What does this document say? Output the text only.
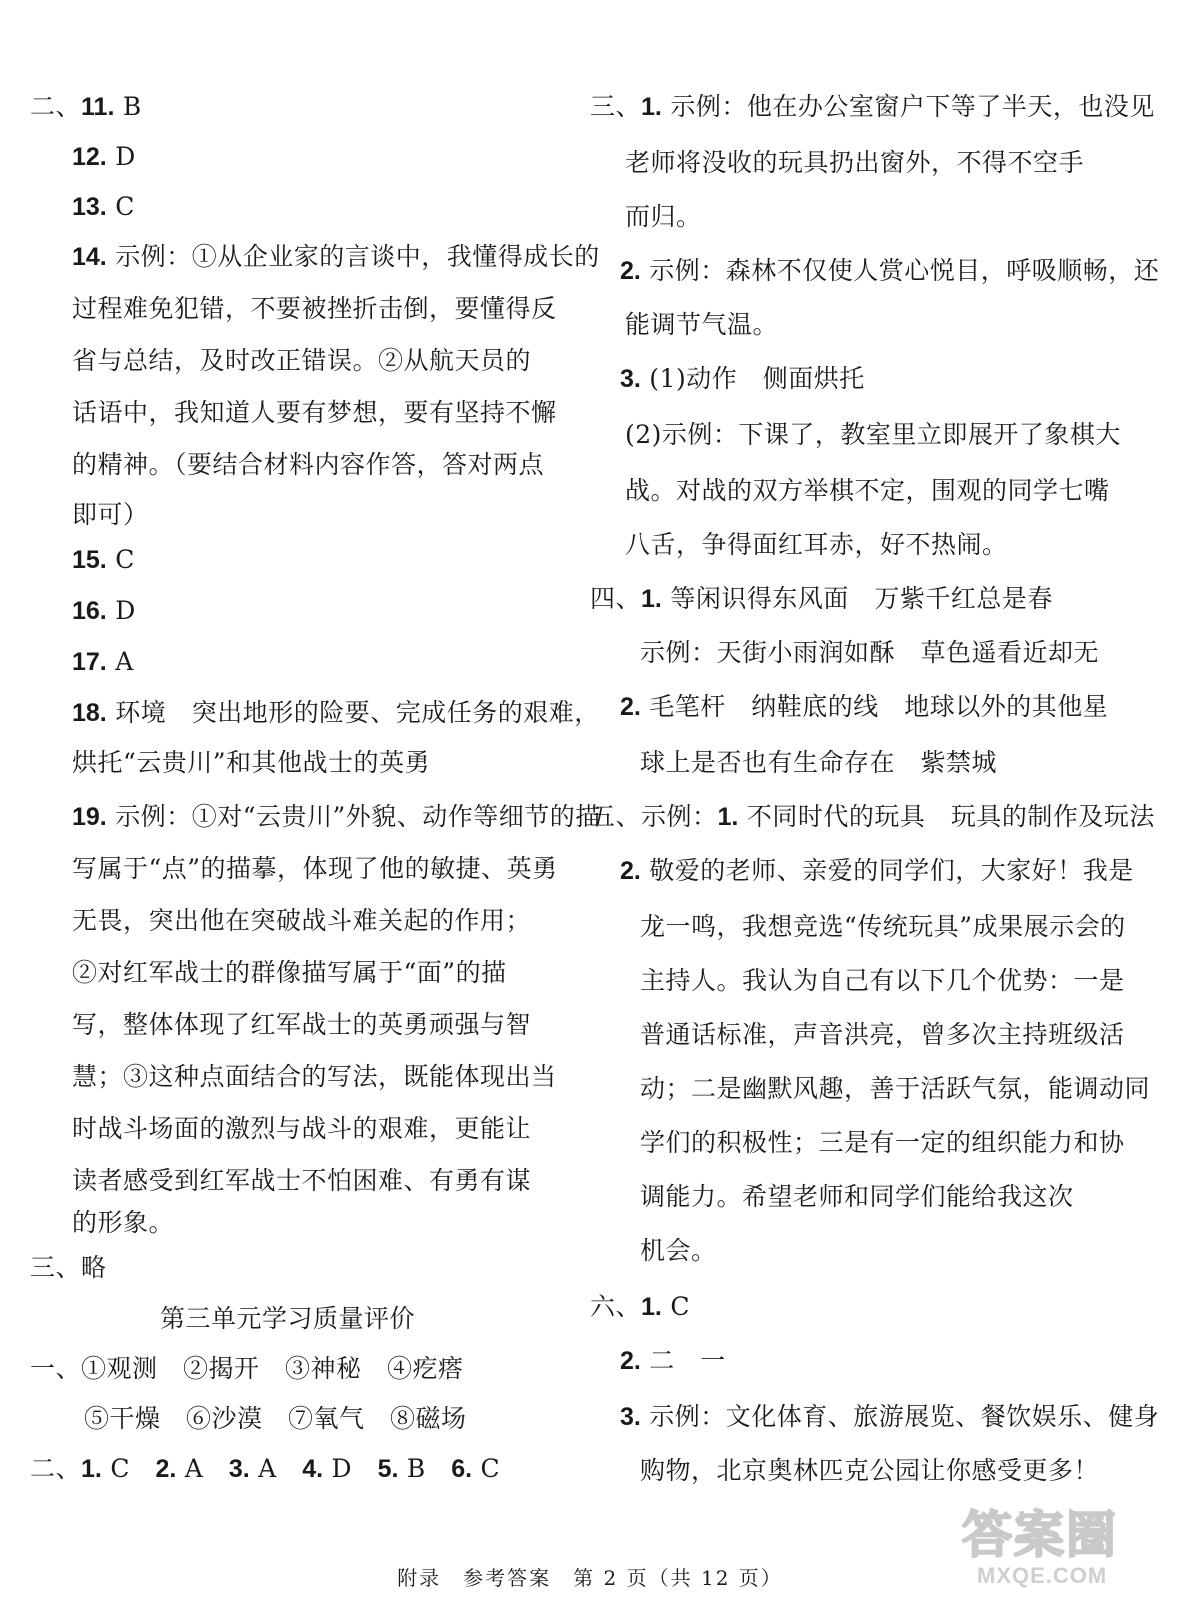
二、11. B
12. D
13. C
14. 示例：①从企业家的言谈中，我懂得成长的
过程难免犯错，不要被挫折击倒，要懂得反
省与总结，及时改正错误。②从航天员的
话语中，我知道人要有梦想，要有坚持不懈
的精神。（要结合材料内容作答，答对两点
即可）
15. C
16. D
17. A
18. 环境　突出地形的险要、完成任务的艰难，
烘托“云贵川”和其他战士的英勇
19. 示例：①对“云贵川”外貌、动作等细节的描
写属于“点”的描摹，体现了他的敏捷、英勇
无畏，突出他在突破战斗难关起的作用；
②对红军战士的群像描写属于“面”的描
写，整体体现了红军战士的英勇顽强与智
慧；③这种点面结合的写法，既能体现出当
时战斗场面的激烈与战斗的艰难，更能让
读者感受到红军战士不怕困难、有勇有谋
的形象。
三、略
第三单元学习质量评价
一、①观测　②揭开　③神秘　④疙瘩
⑤干燥　⑥沙漠　⑦氧气　⑧磁场
二、1. C　2. A　3. A　4. D　5. B　6. C
三、1. 示例：他在办公室窗户下等了半天，也没见
老师将没收的玩具扔出窗外，不得不空手
而归。
2. 示例：森林不仅使人赏心悦目，呼吸顺畅，还
能调节气温。
3. (1)动作　侧面烘托
(2)示例：下课了，教室里立即展开了象棋大
战。对战的双方举棋不定，围观的同学七嘴
八舌，争得面红耳赤，好不热闹。
四、1. 等闲识得东风面　万紫千红总是春
示例：天街小雨润如酥　草色遥看近却无
2. 毛笔杆　纳鞋底的线　地球以外的其他星
球上是否也有生命存在　紫禁城
五、示例：1. 不同时代的玩具　玩具的制作及玩法
2. 敬爱的老师、亲爱的同学们，大家好！我是
龙一鸣，我想竞选“传统玩具”成果展示会的
主持人。我认为自己有以下几个优势：一是
普通话标准，声音洪亮，曾多次主持班级活
动；二是幽默风趣，善于活跃气氛，能调动同
学们的积极性；三是有一定的组织能力和协
调能力。希望老师和同学们能给我这次
机会。
六、1. C
2. 二　一
3. 示例：文化体育、旅游展览、餐饮娱乐、健身
购物，北京奥林匹克公园让你感受更多！
附录　参考答案　第 2 页（共 12 页）
答案圈
MXQE.COM
